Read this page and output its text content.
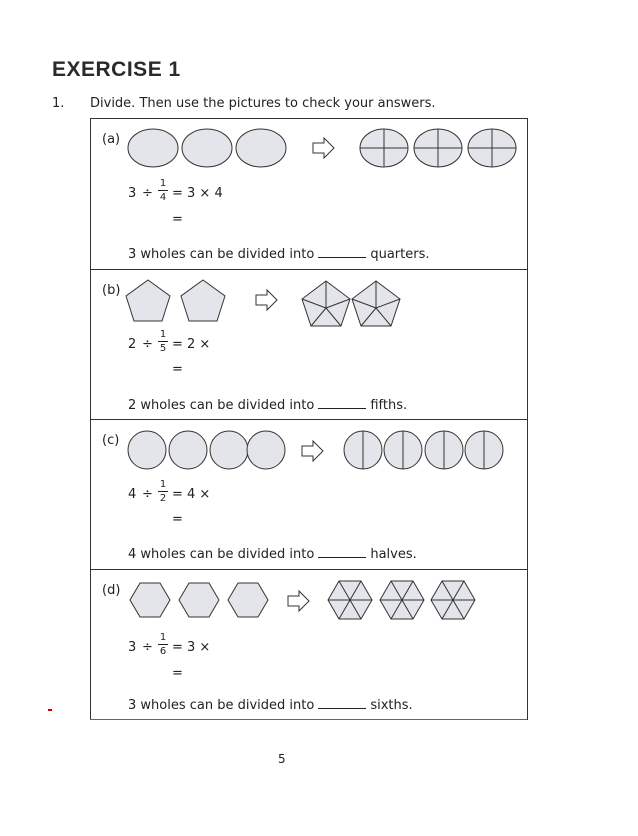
EXERCISE 1
1. Divide. Then use the pictures to check your answers.
(a)
3 ÷
1
4 = 3 × 4
=
3 wholes can be divided into	quarters.
(b)
2 ÷
1
5 = 2 ×
=
2 wholes can be divided into	fifths.
(c)
4 ÷
1
2 = 4 ×
=
4 wholes can be divided into	halves.
(d)
3 ÷
1
6 = 3 ×
=
3 wholes can be divided into	sixths.
5
